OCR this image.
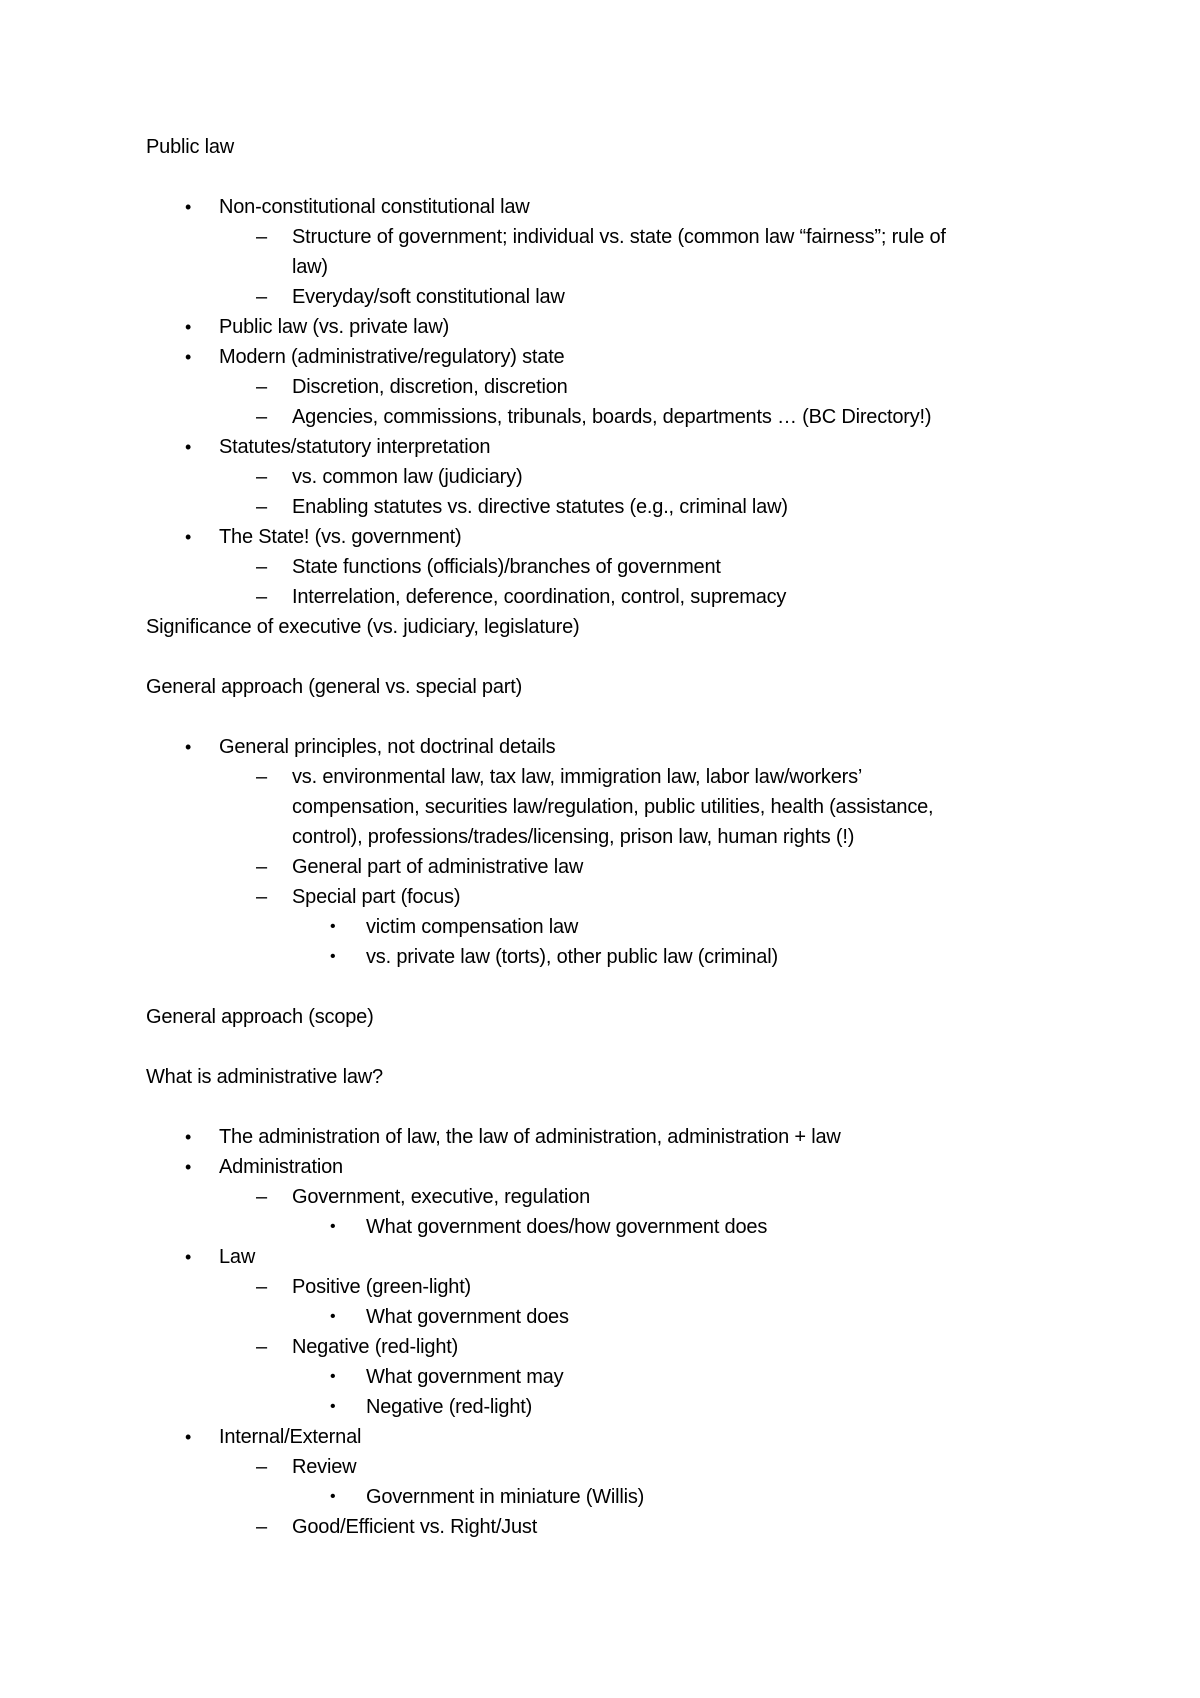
Public law
• Non-constitutional constitutional law
– Structure of government; individual vs. state (common law “fairness”; rule of
law)
– Everyday/soft constitutional law
• Public law (vs. private law)
• Modern (administrative/regulatory) state
– Discretion, discretion, discretion
– Agencies, commissions, tribunals, boards, departments … (BC Directory!)
• Statutes/statutory interpretation
– vs. common law (judiciary)
– Enabling statutes vs. directive statutes (e.g., criminal law)
• The State! (vs. government)
– State functions (officials)/branches of government
– Interrelation, deference, coordination, control, supremacy
Significance of executive (vs. judiciary, legislature)
General approach (general vs. special part)
• General principles, not doctrinal details
– vs. environmental law, tax law, immigration law, labor law/workers’
compensation, securities law/regulation, public utilities, health (assistance,
control), professions/trades/licensing, prison law, human rights (!)
– General part of administrative law
– Special part (focus)
• victim compensation law
• vs. private law (torts), other public law (criminal)
General approach (scope)
What is administrative law?
• The administration of law, the law of administration, administration + law
• Administration
– Government, executive, regulation
• What government does/how government does
• Law
– Positive (green-light)
• What government does
– Negative (red-light)
• What government may
• Negative (red-light)
• Internal/External
– Review
• Government in miniature (Willis)
– Good/Efficient vs. Right/Just
